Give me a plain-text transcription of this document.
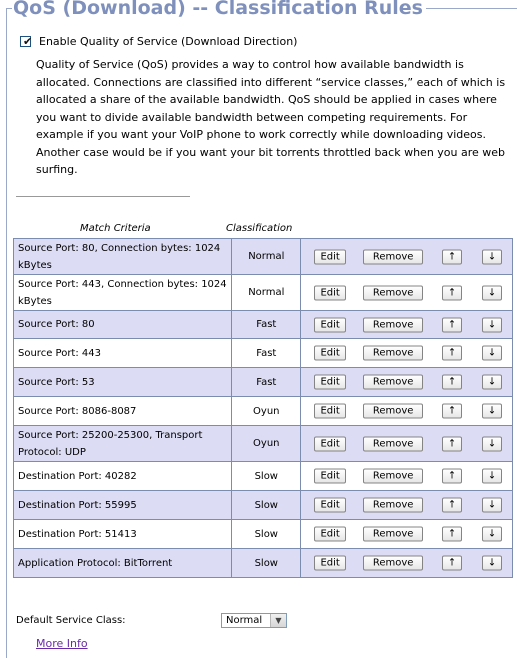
QoS (Download) -- Classification Rules
✔ Enable Quality of Service (Download Direction)

Quality of Service (QoS) provides a way to control how available bandwidth is allocated. Connections are classified into different “service classes,” each of which is allocated a share of the available bandwidth. QoS should be applied in cases where you want to divide available bandwidth between competing requirements. For example if you want your VoIP phone to work correctly while downloading videos. Another case would be if you want your bit torrents throttled back when you are web surfing.

Match Criteria	Classification
Source Port: 80, Connection bytes: 1024 kBytes	Normal	Edit Remove ↑ ↓

Source Port: 443, Connection bytes: 1024 kBytes	Normal	Edit Remove ↑ ↓

Source Port: 80	Fast	Edit Remove ↑ ↓

Source Port: 443	Fast	Edit Remove ↑ ↓

Source Port: 53	Fast	Edit Remove ↑ ↓

Source Port: 8086-8087	Oyun	Edit Remove ↑ ↓

Source Port: 25200-25300, Transport Protocol: UDP	Oyun	Edit Remove ↑ ↓

Destination Port: 40282	Slow	Edit Remove ↑ ↓

Destination Port: 55995	Slow	Edit Remove ↑ ↓

Destination Port: 51413	Slow	Edit Remove ↑ ↓

Application Protocol: BitTorrent	Slow	Edit Remove ↑ ↓
Default Service Class:	Normal	▼
More Info
